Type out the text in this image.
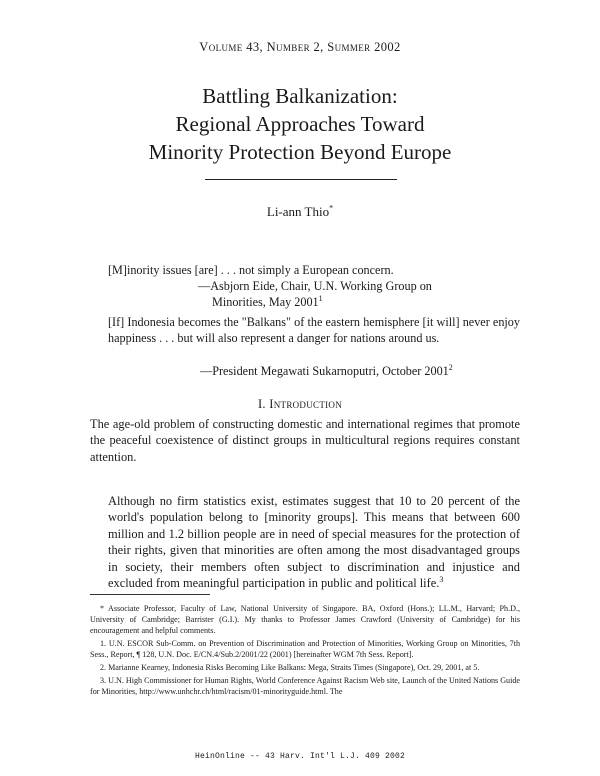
Volume 43, Number 2, Summer 2002
Battling Balkanization:
Regional Approaches Toward
Minority Protection Beyond Europe
Li-ann Thio*
[M]inority issues [are] . . . not simply a European concern.
—Asbjorn Eide, Chair, U.N. Working Group on
Minorities, May 2001$^1$
[If] Indonesia becomes the "Balkans" of the eastern hemisphere [it will] never enjoy happiness . . . but will also represent a danger for nations around us.
—President Megawati Sukarnoputri, October 2001$^2$
I. Introduction
The age-old problem of constructing domestic and international regimes that promote the peaceful coexistence of distinct groups in multicultural regions requires constant attention.
Although no firm statistics exist, estimates suggest that 10 to 20 percent of the world's population belong to [minority groups]. This means that between 600 million and 1.2 billion people are in need of special measures for the protection of their rights, given that minorities are often among the most disadvantaged groups in society, their members often subject to discrimination and injustice and excluded from meaningful participation in public and political life.$^3$

* Associate Professor, Faculty of Law, National University of Singapore. BA, Oxford (Hons.); LL.M., Harvard; Ph.D., University of Cambridge; Barrister (G.I.). My thanks to Professor James Crawford (University of Cambridge) for his encouragement and helpful comments.

1. U.N. ESCOR Sub-Comm. on Prevention of Discrimination and Protection of Minorities, Working Group on Minorities, 7th Sess., Report, ¶ 128, U.N. Doc. E/CN.4/Sub.2/2001/22 (2001) [hereinafter WGM 7th Sess. Report].

2. Marianne Kearney, Indonesia Risks Becoming Like Balkans: Mega, Straits Times (Singapore), Oct. 29, 2001, at 5.

3. U.N. High Commissioner for Human Rights, World Conference Against Racism Web site, Launch of the United Nations Guide for Minorities, http://www.unhchr.ch/html/racism/01-minorityguide.html. The

HeinOnline -- 43 Harv. Int'l L.J. 409 2002
